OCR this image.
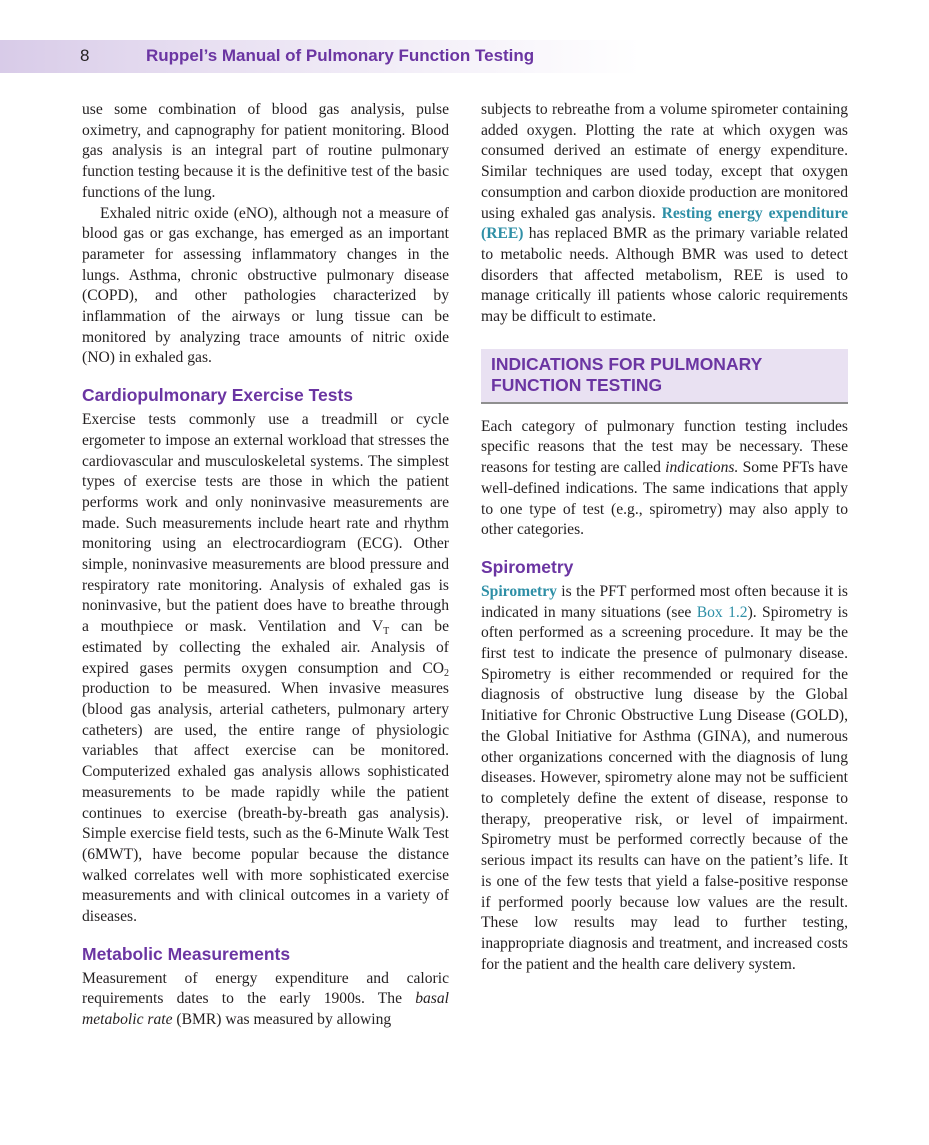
8	Ruppel’s Manual of Pulmonary Function Testing

use some combination of blood gas analysis, pulse oximetry, and capnography for patient monitoring. Blood gas analysis is an integral part of routine pulmonary function testing because it is the definitive test of the basic functions of the lung.

Exhaled nitric oxide (eNO), although not a measure of blood gas or gas exchange, has emerged as an important parameter for assessing inflammatory changes in the lungs. Asthma, chronic obstructive pulmonary disease (COPD), and other pathologies characterized by inflammation of the airways or lung tissue can be monitored by analyzing trace amounts of nitric oxide (NO) in exhaled gas.

Cardiopulmonary Exercise Tests

Exercise tests commonly use a treadmill or cycle ergometer to impose an external workload that stresses the cardiovascular and musculoskeletal systems. The simplest types of exercise tests are those in which the patient performs work and only noninvasive measurements are made. Such measurements include heart rate and rhythm monitoring using an electrocardiogram (ECG). Other simple, noninvasive measurements are blood pressure and respiratory rate monitoring. Analysis of exhaled gas is noninvasive, but the patient does have to breathe through a mouthpiece or mask. Ventilation and $V_T$ can be estimated by collecting the exhaled air. Analysis of expired gases permits oxygen consumption and $CO_2$ production to be measured. When invasive measures (blood gas analysis, arterial catheters, pulmonary artery catheters) are used, the entire range of physiologic variables that affect exercise can be monitored. Computerized exhaled gas analysis allows sophisticated measurements to be made rapidly while the patient continues to exercise (breath-by-breath gas analysis). Simple exercise field tests, such as the 6-Minute Walk Test (6MWT), have become popular because the distance walked correlates well with more sophisticated exercise measurements and with clinical outcomes in a variety of diseases.

Metabolic Measurements

Measurement of energy expenditure and caloric requirements dates to the early 1900s. The basal metabolic rate (BMR) was measured by allowing

subjects to rebreathe from a volume spirometer containing added oxygen. Plotting the rate at which oxygen was consumed derived an estimate of energy expenditure. Similar techniques are used today, except that oxygen consumption and carbon dioxide production are monitored using exhaled gas analysis. Resting energy expenditure (REE) has replaced BMR as the primary variable related to metabolic needs. Although BMR was used to detect disorders that affected metabolism, REE is used to manage critically ill patients whose caloric requirements may be difficult to estimate.

INDICATIONS FOR PULMONARY
FUNCTION TESTING

Each category of pulmonary function testing includes specific reasons that the test may be necessary. These reasons for testing are called indications. Some PFTs have well-defined indications. The same indications that apply to one type of test (e.g., spirometry) may also apply to other categories.

Spirometry

Spirometry is the PFT performed most often because it is indicated in many situations (see Box 1.2). Spirometry is often performed as a screening procedure. It may be the first test to indicate the presence of pulmonary disease. Spirometry is either recommended or required for the diagnosis of obstructive lung disease by the Global Initiative for Chronic Obstructive Lung Disease (GOLD), the Global Initiative for Asthma (GINA), and numerous other organizations concerned with the diagnosis of lung diseases. However, spirometry alone may not be sufficient to completely define the extent of disease, response to therapy, preoperative risk, or level of impairment. Spirometry must be performed correctly because of the serious impact its results can have on the patient’s life. It is one of the few tests that yield a false-positive response if performed poorly because low values are the result. These low results may lead to further testing, inappropriate diagnosis and treatment, and increased costs for the patient and the health care delivery system.
